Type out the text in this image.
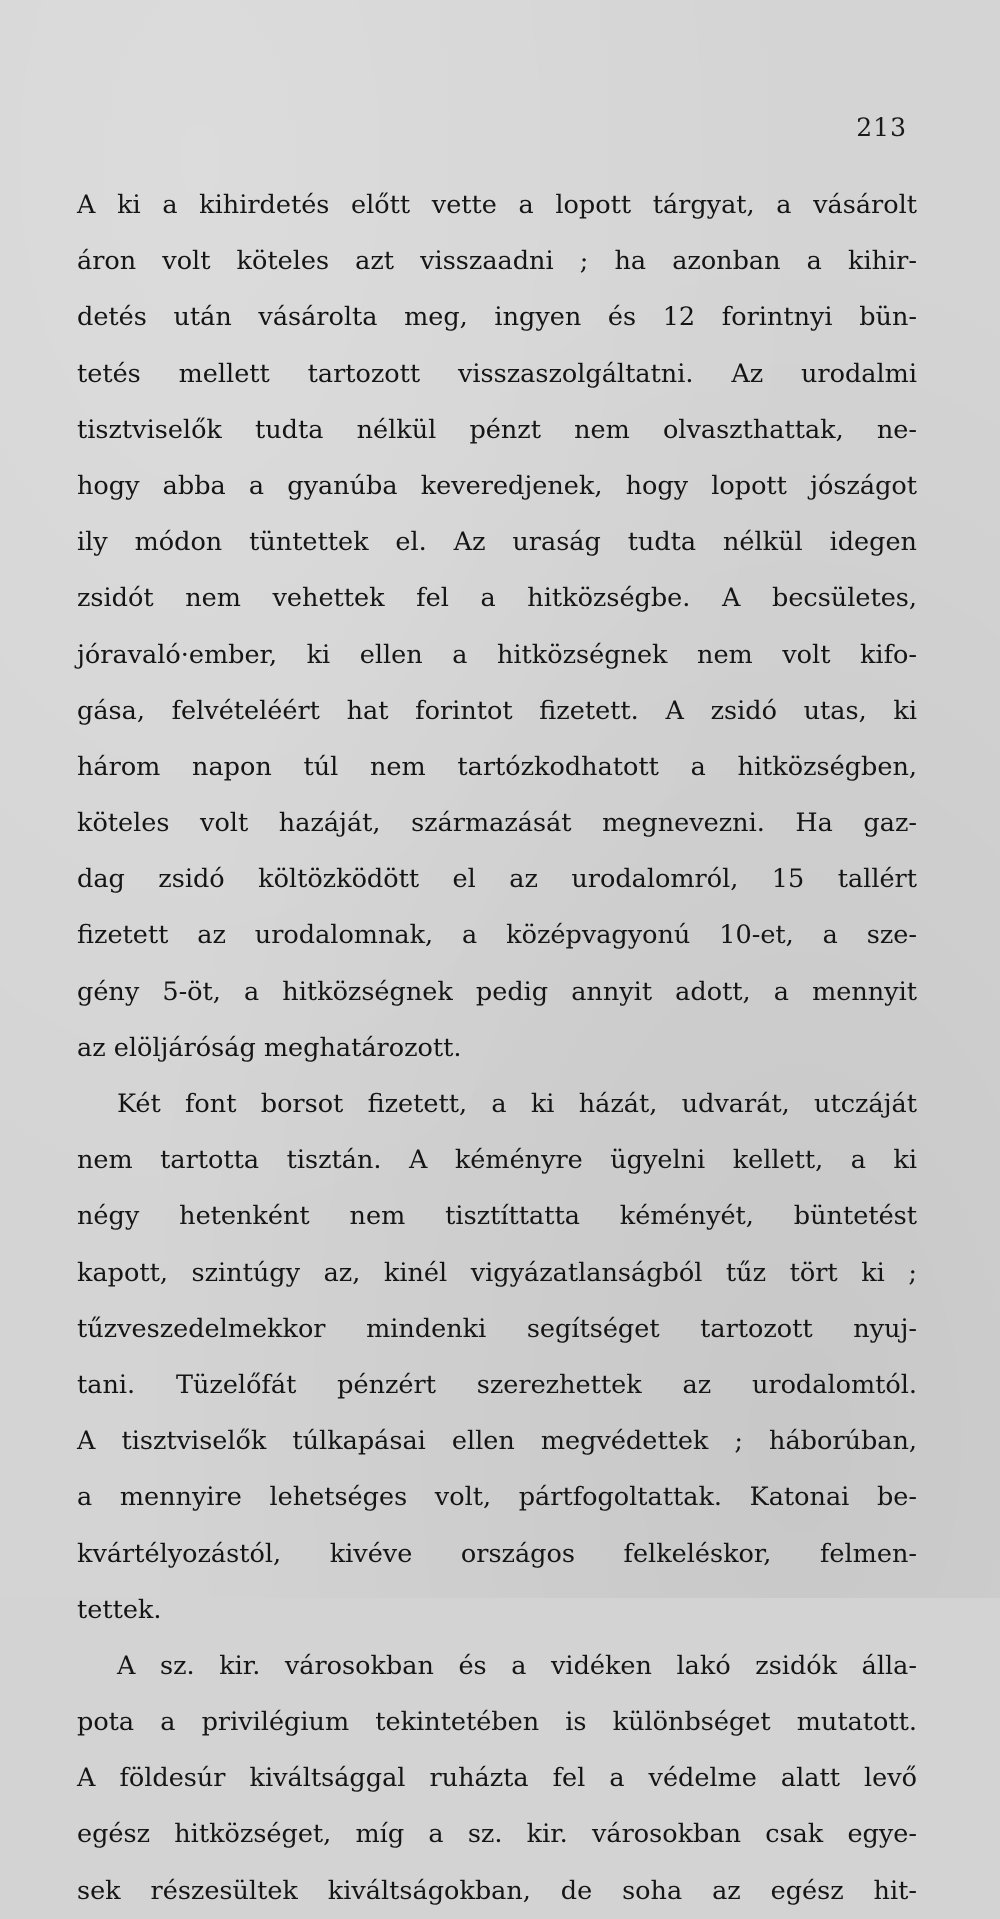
213
A ki a kihirdetés előtt vette a lopott tárgyat, a vásárolt
áron volt köteles azt visszaadni ; ha azonban a kihir-
detés után vásárolta meg, ingyen és 12 forintnyi bün-
tetés mellett tartozott visszaszolgáltatni. Az urodalmi
tisztviselők tudta nélkül pénzt nem olvaszthattak, ne-
hogy abba a gyanúba keveredjenek, hogy lopott jószágot
ily módon tüntettek el. Az uraság tudta nélkül idegen
zsidót nem vehettek fel a hitközségbe. A becsületes,
jóravaló·ember, ki ellen a hitközségnek nem volt kifo-
gása, felvételéért hat forintot fizetett. A zsidó utas, ki
három napon túl nem tartózkodhatott a hitközségben,
köteles volt hazáját, származását megnevezni. Ha gaz-
dag zsidó költözködött el az urodalomról, 15 tallért
fizetett az urodalomnak, a középvagyonú 10-et, a sze-
gény 5-öt, a hitközségnek pedig annyit adott, a mennyit
az elöljáróság meghatározott.
Két font borsot fizetett, a ki házát, udvarát, utczáját
nem tartotta tisztán. A kéményre ügyelni kellett, a ki
négy hetenként nem tisztíttatta kéményét, büntetést
kapott, szintúgy az, kinél vigyázatlanságból tűz tört ki ;
tűzveszedelmekkor mindenki segítséget tartozott nyuj-
tani. Tüzelőfát pénzért szerezhettek az urodalomtól.
A tisztviselők túlkapásai ellen megvédettek ; háborúban,
a mennyire lehetséges volt, pártfogoltattak. Katonai be-
kvártélyozástól, kivéve országos felkeléskor, felmen-
tettek.
A sz. kir. városokban és a vidéken lakó zsidók álla-
pota a privilégium tekintetében is különbséget mutatott.
A földesúr kiváltsággal ruházta fel a védelme alatt levő
egész hitközséget, míg a sz. kir. városokban csak egye-
sek részesültek kiváltságokban, de soha az egész hit-
